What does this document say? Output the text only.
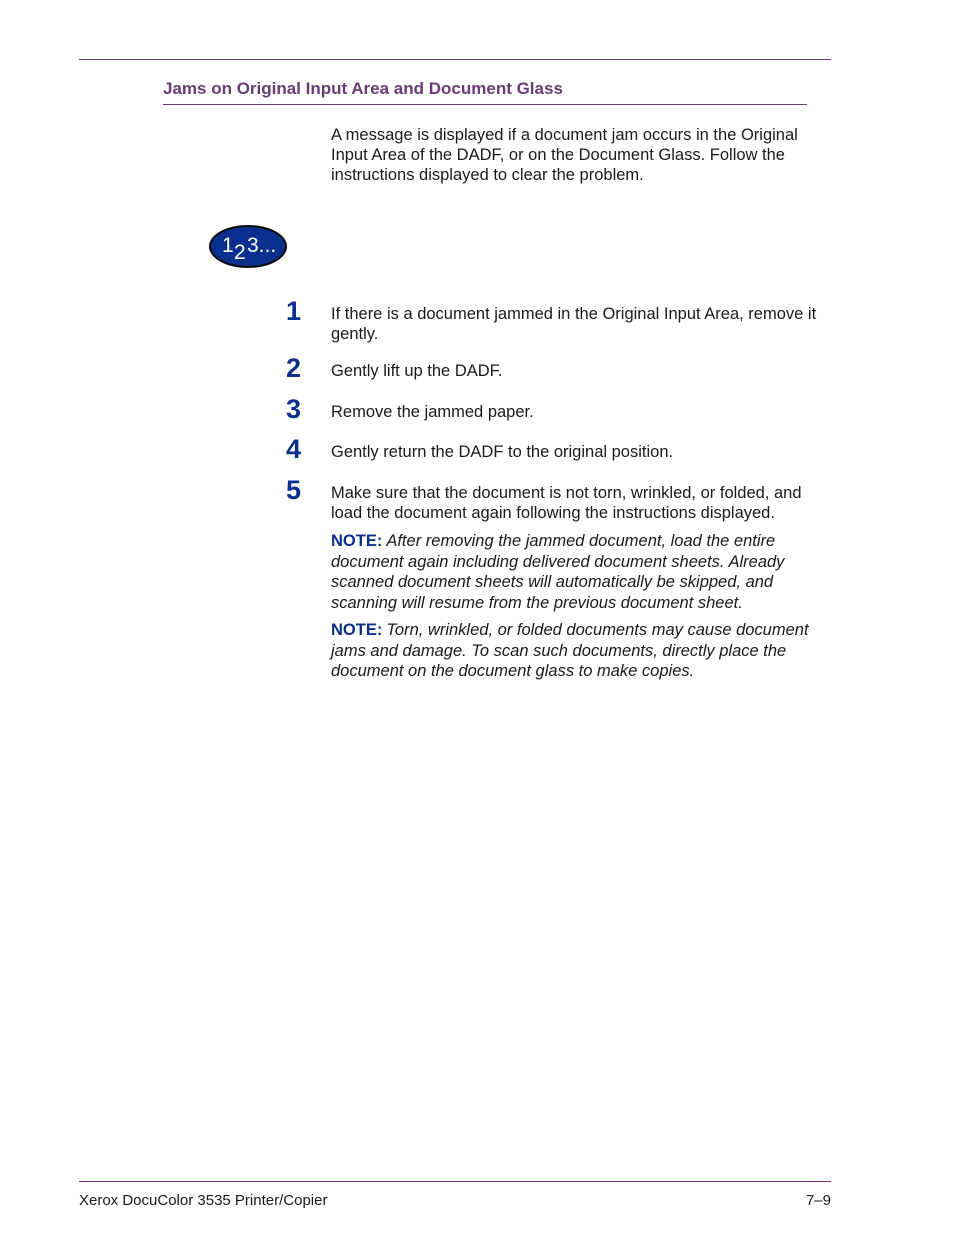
Jams on Original Input Area and Document Glass
A message is displayed if a document jam occurs in the Original Input Area of the DADF, or on the Document Glass. Follow the instructions displayed to clear the problem.
1 2 3...
1 If there is a document jammed in the Original Input Area, remove it gently.
2 Gently lift up the DADF.
3 Remove the jammed paper.
4 Gently return the DADF to the original position.
5 Make sure that the document is not torn, wrinkled, or folded, and load the document again following the instructions displayed.
NOTE: After removing the jammed document, load the entire document again including delivered document sheets. Already scanned document sheets will automatically be skipped, and scanning will resume from the previous document sheet.
NOTE: Torn, wrinkled, or folded documents may cause document jams and damage. To scan such documents, directly place the document on the document glass to make copies.
Xerox DocuColor 3535 Printer/Copier	7–9
